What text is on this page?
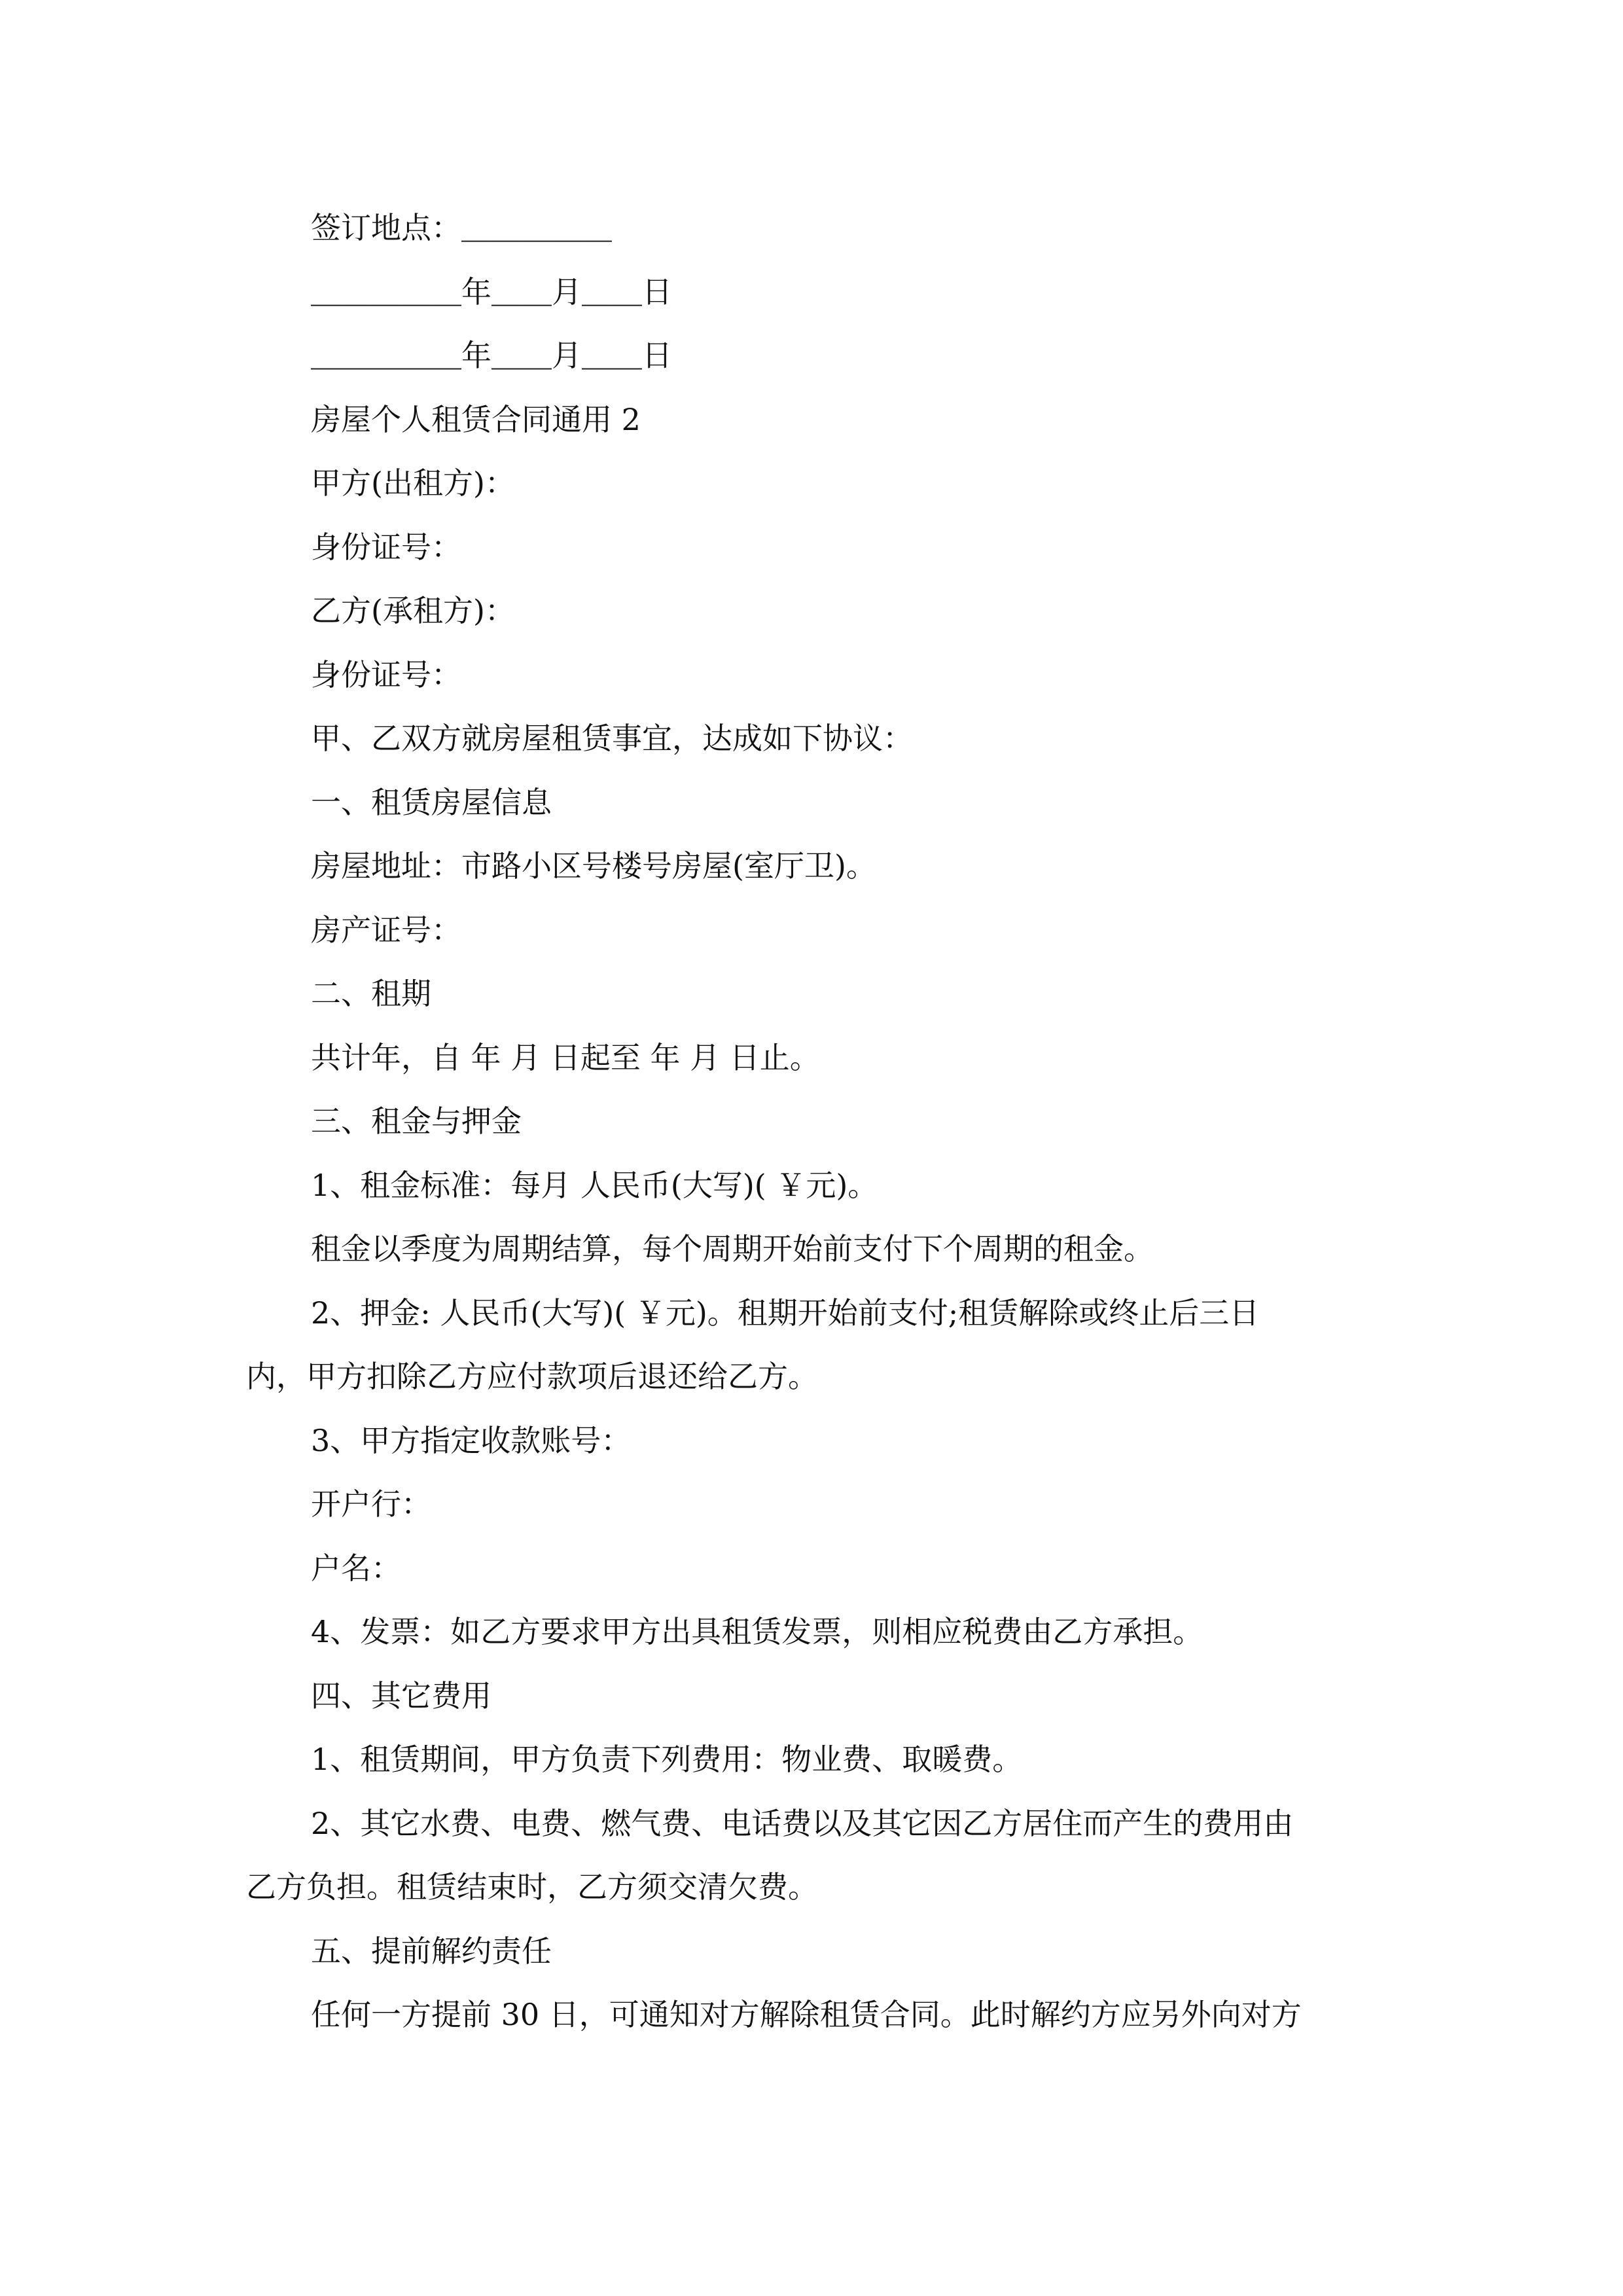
签订地点：＿＿＿＿＿
＿＿＿＿＿年＿＿月＿＿日
＿＿＿＿＿年＿＿月＿＿日
房屋个人租赁合同通用 2
甲方(出租方)：
身份证号：
乙方(承租方)：
身份证号：
甲、乙双方就房屋租赁事宜，达成如下协议：
一、租赁房屋信息
房屋地址：市路小区号楼号房屋(室厅卫)。
房产证号：
二、租期
共计年，自 年 月 日起至 年 月 日止。
三、租金与押金
1、租金标准：每月 人民币(大写)( ￥元)。
租金以季度为周期结算，每个周期开始前支付下个周期的租金。
2、押金: 人民币(大写)( ￥元)。租期开始前支付;租赁解除或终止后三日
内，甲方扣除乙方应付款项后退还给乙方。
3、甲方指定收款账号：
开户行：
户名：
4、发票：如乙方要求甲方出具租赁发票，则相应税费由乙方承担。
四、其它费用
1、租赁期间，甲方负责下列费用：物业费、取暖费。
2、其它水费、电费、燃气费、电话费以及其它因乙方居住而产生的费用由
乙方负担。租赁结束时，乙方须交清欠费。
五、提前解约责任
任何一方提前 30 日，可通知对方解除租赁合同。此时解约方应另外向对方
